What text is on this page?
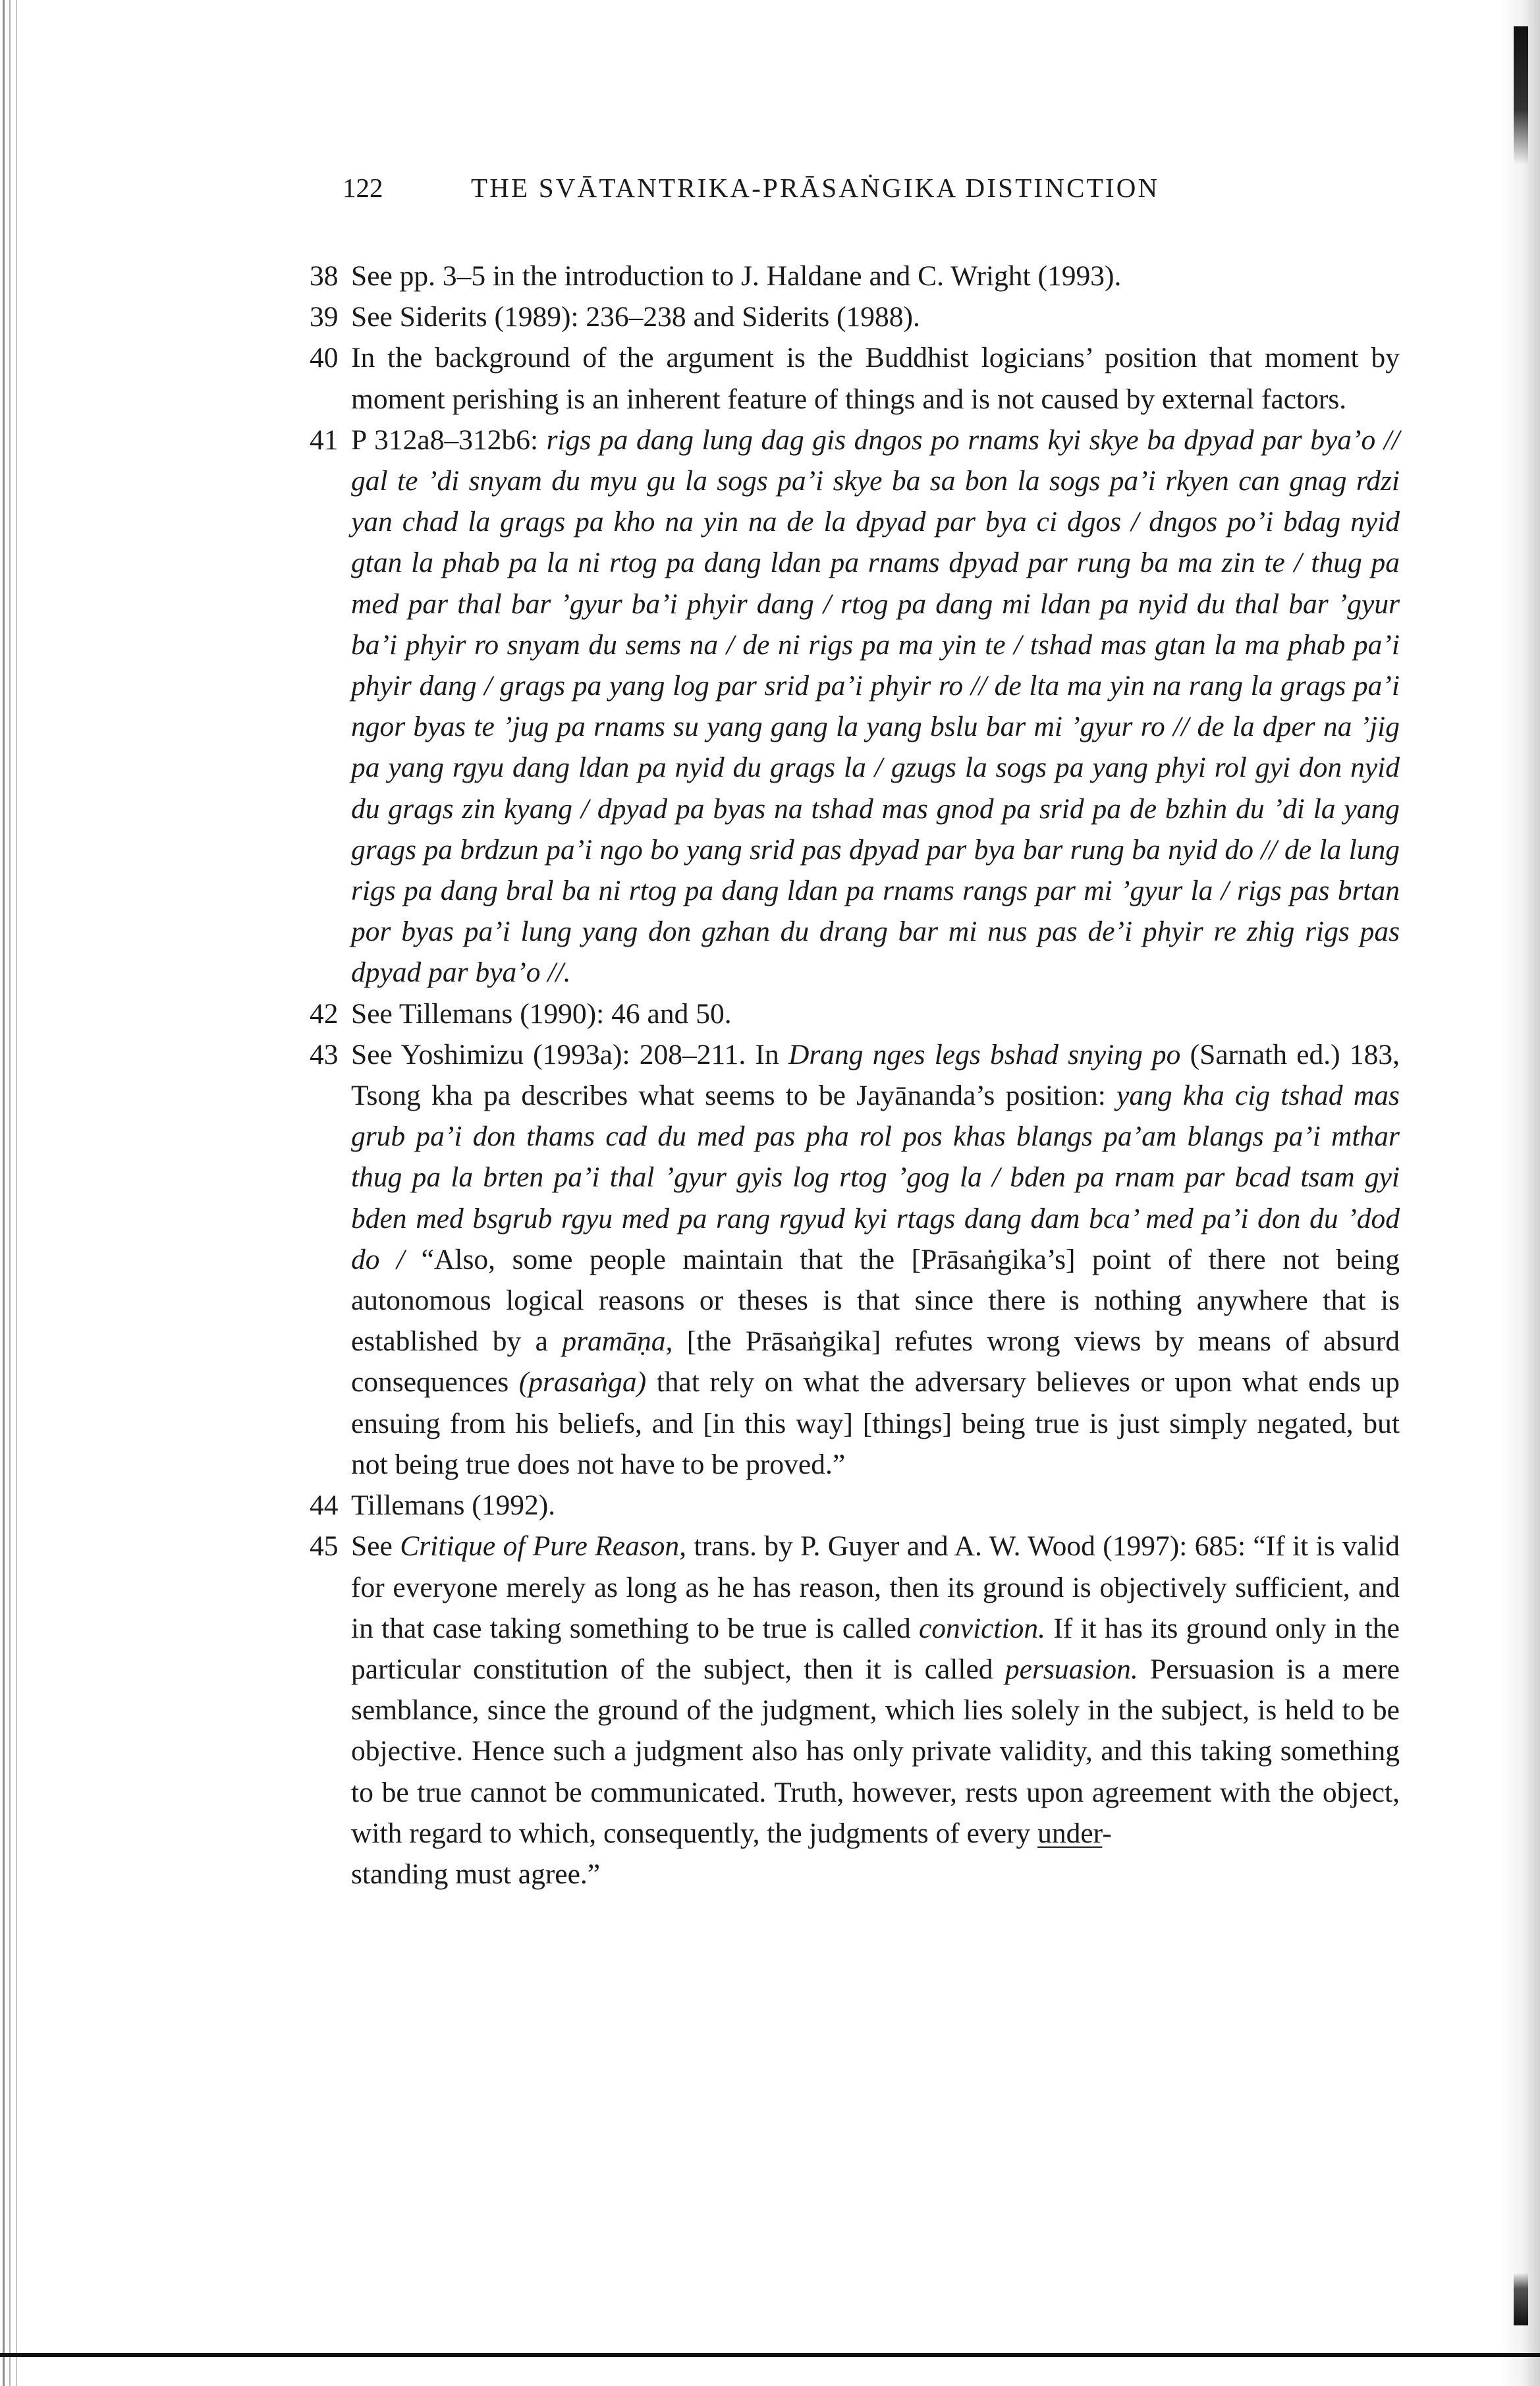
122	THE SVĀTANTRIKA-PRĀSAṄGIKA DISTINCTION
38 See pp. 3–5 in the introduction to J. Haldane and C. Wright (1993).
39 See Siderits (1989): 236–238 and Siderits (1988).
40 In the background of the argument is the Buddhist logicians’ position that moment by moment perishing is an inherent feature of things and is not caused by external factors.
41 P 312a8–312b6: rigs pa dang lung dag gis dngos po rnams kyi skye ba dpyad par bya’o // gal te ’di snyam du myu gu la sogs pa’i skye ba sa bon la sogs pa’i rkyen can gnag rdzi yan chad la grags pa kho na yin na de la dpyad par bya ci dgos / dngos po’i bdag nyid gtan la phab pa la ni rtog pa dang ldan pa rnams dpyad par rung ba ma zin te / thug pa med par thal bar ’gyur ba’i phyir dang / rtog pa dang mi ldan pa nyid du thal bar ’gyur ba’i phyir ro snyam du sems na / de ni rigs pa ma yin te / tshad mas gtan la ma phab pa’i phyir dang / grags pa yang log par srid pa’i phyir ro // de lta ma yin na rang la grags pa’i ngor byas te ’jug pa rnams su yang gang la yang bslu bar mi ’gyur ro // de la dper na ’jig pa yang rgyu dang ldan pa nyid du grags la / gzugs la sogs pa yang phyi rol gyi don nyid du grags zin kyang / dpyad pa byas na tshad mas gnod pa srid pa de bzhin du ’di la yang grags pa brdzun pa’i ngo bo yang srid pas dpyad par bya bar rung ba nyid do // de la lung rigs pa dang bral ba ni rtog pa dang ldan pa rnams rangs par mi ’gyur la / rigs pas brtan por byas pa’i lung yang don gzhan du drang bar mi nus pas de’i phyir re zhig rigs pas dpyad par bya’o //.
42 See Tillemans (1990): 46 and 50.
43 See Yoshimizu (1993a): 208–211. In Drang nges legs bshad snying po (Sarnath ed.) 183, Tsong kha pa describes what seems to be Jayānanda’s position: yang kha cig tshad mas grub pa’i don thams cad du med pas pha rol pos khas blangs pa’am blangs pa’i mthar thug pa la brten pa’i thal ’gyur gyis log rtog ’gog la / bden pa rnam par bcad tsam gyi bden med bsgrub rgyu med pa rang rgyud kyi rtags dang dam bca’ med pa’i don du ’dod do / “Also, some people maintain that the [Prāsaṅgika’s] point of there not being autonomous logical reasons or theses is that since there is nothing anywhere that is established by a pramāṇa, [the Prāsaṅgika] refutes wrong views by means of absurd consequences (prasaṅga) that rely on what the adversary believes or upon what ends up ensuing from his beliefs, and [in this way] [things] being true is just simply negated, but not being true does not have to be proved.”
44 Tillemans (1992).
45 See Critique of Pure Reason, trans. by P. Guyer and A. W. Wood (1997): 685: “If it is valid for everyone merely as long as he has reason, then its ground is objectively sufficient, and in that case taking something to be true is called conviction. If it has its ground only in the particular constitution of the subject, then it is called persuasion. Persuasion is a mere semblance, since the ground of the judgment, which lies solely in the subject, is held to be objective. Hence such a judgment also has only private validity, and this taking something to be true cannot be communicated. Truth, however, rests upon agreement with the object, with regard to which, consequently, the judgments of every under-
standing must agree.”
